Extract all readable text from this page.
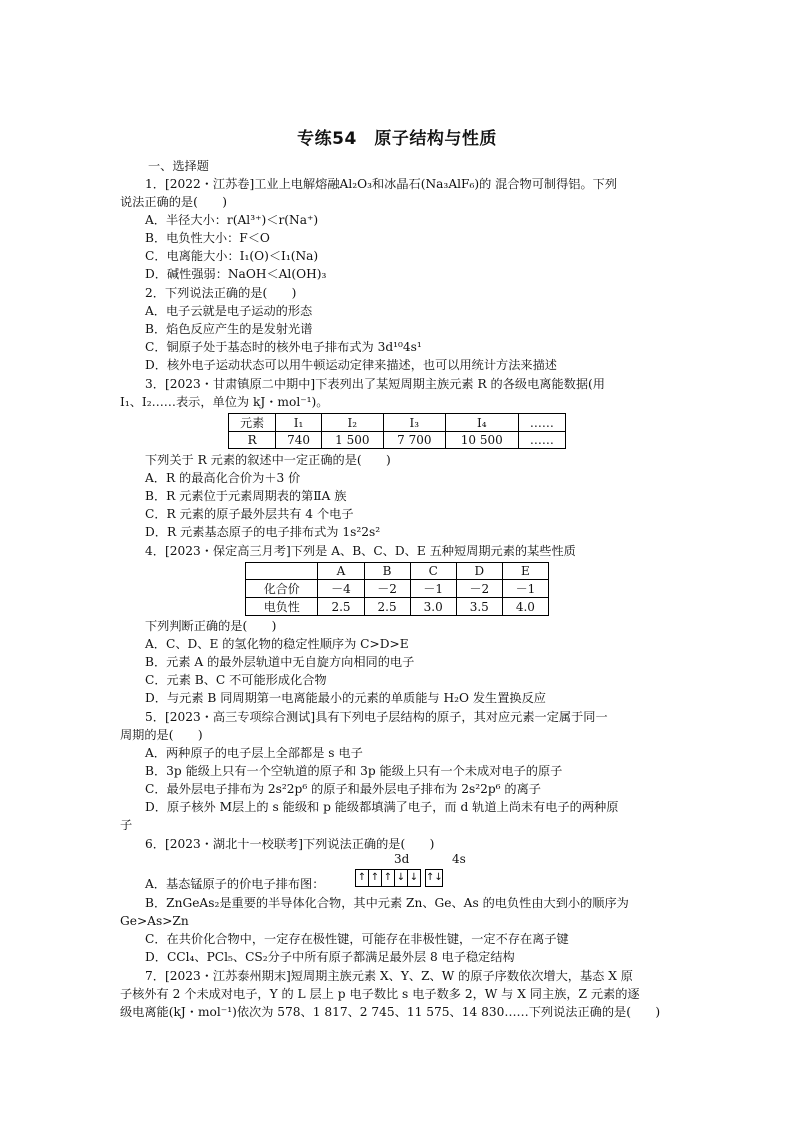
专练54　原子结构与性质
一、选择题
1．[2022・江苏卷]工业上电解熔融Al₂O₃和冰晶石(Na₃AlF₆)的 混合物可制得铝。下列
说法正确的是(　　)
A．半径大小：r(Al³⁺)＜r(Na⁺)
B．电负性大小：F＜O
C．电离能大小：I₁(O)＜I₁(Na)
D．碱性强弱：NaOH＜Al(OH)₃
2．下列说法正确的是(　　)
A．电子云就是电子运动的形态
B．焰色反应产生的是发射光谱
C．铜原子处于基态时的核外电子排布式为 3d¹⁰4s¹
D．核外电子运动状态可以用牛顿运动定律来描述，也可以用统计方法来描述
3．[2023・甘肃镇原二中期中]下表列出了某短周期主族元素 R 的各级电离能数据(用
I₁、I₂……表示，单位为 kJ・mol⁻¹)。
元素	I₁	I₂	I₃	I₄	……
R	740	1 500	7 700	10 500	……
下列关于 R 元素的叙述中一定正确的是(　　)
A．R 的最高化合价为＋3 价
B．R 元素位于元素周期表的第ⅡA 族
C．R 元素的原子最外层共有 4 个电子
D．R 元素基态原子的电子排布式为 1s²2s²
4．[2023・保定高三月考]下列是 A、B、C、D、E 五种短周期元素的某些性质
	A	B	C	D	E
化合价	－4	－2	－1	－2	－1
电负性	2.5	2.5	3.0	3.5	4.0
下列判断正确的是(　　)
A．C、D、E 的氢化物的稳定性顺序为 C>D>E
B．元素 A 的最外层轨道中无自旋方向相同的电子
C．元素 B、C 不可能形成化合物
D．与元素 B 同周期第一电离能最小的元素的单质能与 H₂O 发生置换反应
5．[2023・高三专项综合测试]具有下列电子层结构的原子，其对应元素一定属于同一
周期的是(　　)
A．两种原子的电子层上全部都是 s 电子
B．3p 能级上只有一个空轨道的原子和 3p 能级上只有一个未成对电子的原子
C．最外层电子排布为 2s²2p⁶ 的原子和最外层电子排布为 2s²2p⁶ 的离子
D．原子核外 M层上的 s 能级和 p 能级都填满了电子，而 d 轨道上尚未有电子的两种原
子
6．[2023・湖北十一校联考]下列说法正确的是(　　)
3d	4s
A．基态锰原子的价电子排布图：	↑ ↑ ↑ ↓ ↓ ↑↓
B．ZnGeAs₂是重要的半导体化合物，其中元素 Zn、Ge、As 的电负性由大到小的顺序为
Ge>As>Zn
C．在共价化合物中，一定存在极性键，可能存在非极性键，一定不存在离子键
D．CCl₄、PCl₅、CS₂分子中所有原子都满足最外层 8 电子稳定结构
7．[2023・江苏泰州期末]短周期主族元素 X、Y、Z、W 的原子序数依次增大，基态 X 原
子核外有 2 个未成对电子，Y 的 L 层上 p 电子数比 s 电子数多 2，W 与 X 同主族，Z 元素的逐
级电离能(kJ・mol⁻¹)依次为 578、1 817、2 745、11 575、14 830……下列说法正确的是(　　)
